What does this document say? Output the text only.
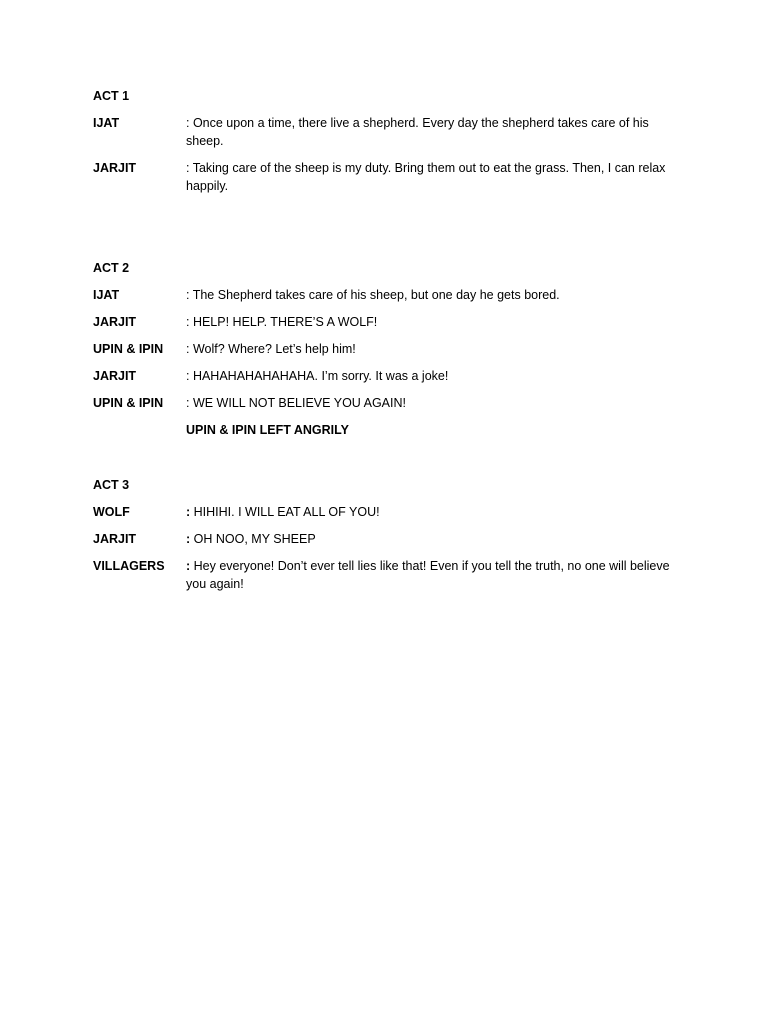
ACT 1
IJAT	: Once upon a time, there live a shepherd. Every day the shepherd takes care of his sheep.
JARJIT	: Taking care of the sheep is my duty. Bring them out to eat the grass. Then, I can relax happily.
ACT 2
IJAT	: The Shepherd takes care of his sheep, but one day he gets bored.
JARJIT	: HELP! HELP. THERE’S A WOLF!
UPIN & IPIN	: Wolf? Where? Let’s help him!
JARJIT	: HAHAHAHAHAHAHA. I’m sorry. It was a joke!
UPIN & IPIN	: WE WILL NOT BELIEVE YOU AGAIN!
UPIN & IPIN LEFT ANGRILY
ACT 3
WOLF	: HIHIHI. I WILL EAT ALL OF YOU!
JARJIT	: OH NOO, MY SHEEP
VILLAGERS	: Hey everyone! Don’t ever tell lies like that! Even if you tell the truth, no one will believe you again!
